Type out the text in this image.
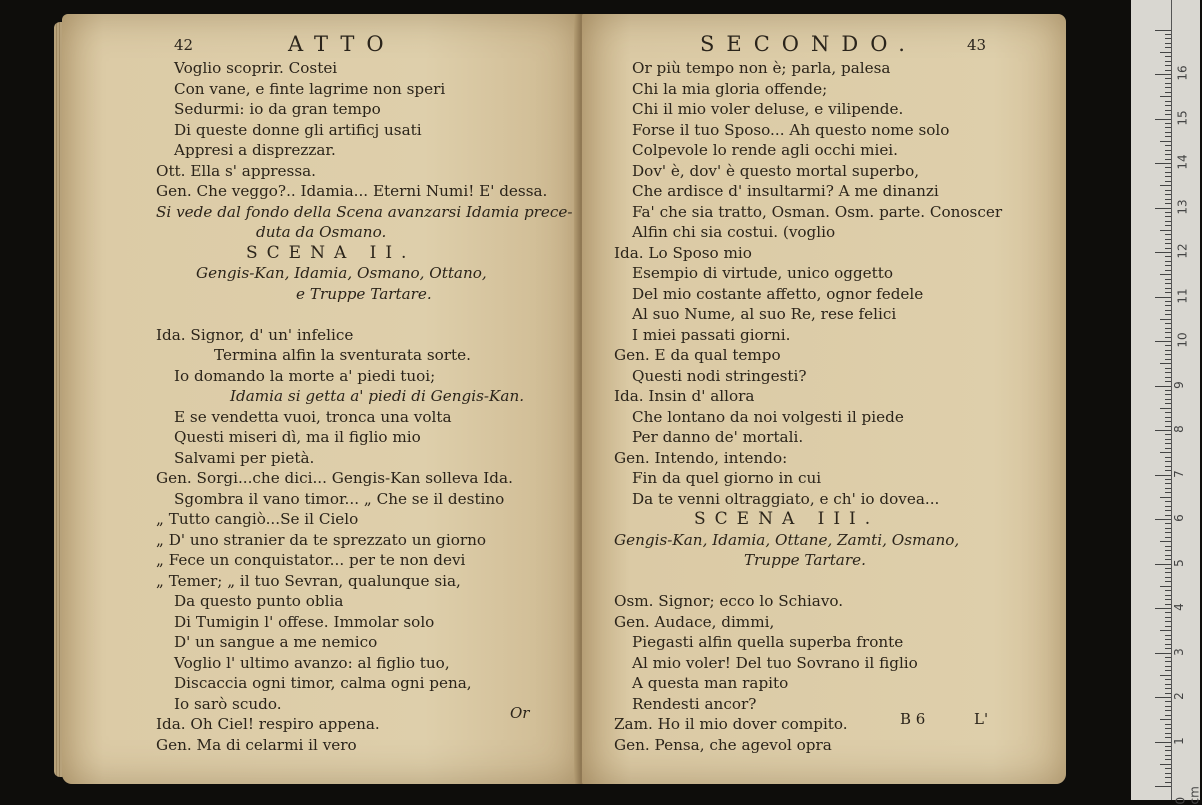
42	ATTO
Voglio scoprir. Costei
Con vane, e finte lagrime non speri
Sedurmi: io da gran tempo
Di queste donne gli artificj usati
Appresi a disprezzar.
Ott. Ella s' appressa.
Gen. Che veggo?.. Idamia... Eterni Numi! E' dessa.
Si vede dal fondo della Scena avanzarsi Idamia prece-
duta da Osmano.
SCENA II.
Gengis-Kan, Idamia, Osmano, Ottano,
e Truppe Tartare.
Ida. Signor, d' un' infelice
Termina alfin la sventurata sorte.
Io domando la morte a' piedi tuoi;
Idamia si getta a' piedi di Gengis-Kan.
E se vendetta vuoi, tronca una volta
Questi miseri dì, ma il figlio mio
Salvami per pietà.
Gen. Sorgi...che dici... Gengis-Kan solleva Ida.
Sgombra il vano timor... „ Che se il destino
„ Tutto cangiò...Se il Cielo
„ D' uno stranier da te sprezzato un giorno
„ Fece un conquistator... per te non devi
„ Temer; „ il tuo Sevran, qualunque sia,
Da questo punto oblia
Di Tumigin l' offese. Immolar solo
D' un sangue a me nemico
Voglio l' ultimo avanzo: al figlio tuo,
Discaccia ogni timor, calma ogni pena,
Io sarò scudo.
Ida. Oh Ciel! respiro appena.
Gen. Ma di celarmi il vero
Or
SECONDO.	43
Or più tempo non è; parla, palesa
Chi la mia gloria offende;
Chi il mio voler deluse, e vilipende.
Forse il tuo Sposo... Ah questo nome solo
Colpevole lo rende agli occhi miei.
Dov' è, dov' è questo mortal superbo,
Che ardisce d' insultarmi? A me dinanzi
Fa' che sia tratto, Osman. Osm. parte. Conoscer
Alfin chi sia costui. (voglio
Ida. Lo Sposo mio
Esempio di virtude, unico oggetto
Del mio costante affetto, ognor fedele
Al suo Nume, al suo Re, rese felici
I miei passati giorni.
Gen. E da qual tempo
Questi nodi stringesti?
Ida. Insin d' allora
Che lontano da noi volgesti il piede
Per danno de' mortali.
Gen. Intendo, intendo:
Fin da quel giorno in cui
Da te venni oltraggiato, e ch' io dovea...
SCENA III.
Gengis-Kan, Idamia, Ottane, Zamti, Osmano,
Truppe Tartare.
Osm. Signor; ecco lo Schiavo.
Gen. Audace, dimmi,
Piegasti alfin quella superba fronte
Al mio voler! Del tuo Sovrano il figlio
A questa man rapito
Rendesti ancor?
Zam. Ho il mio dover compito.
Gen. Pensa, che agevol opra
B 6	L'
0 cm
1
2
3
4
5
6
7
8
9
10
11
12
13
14
15
16
